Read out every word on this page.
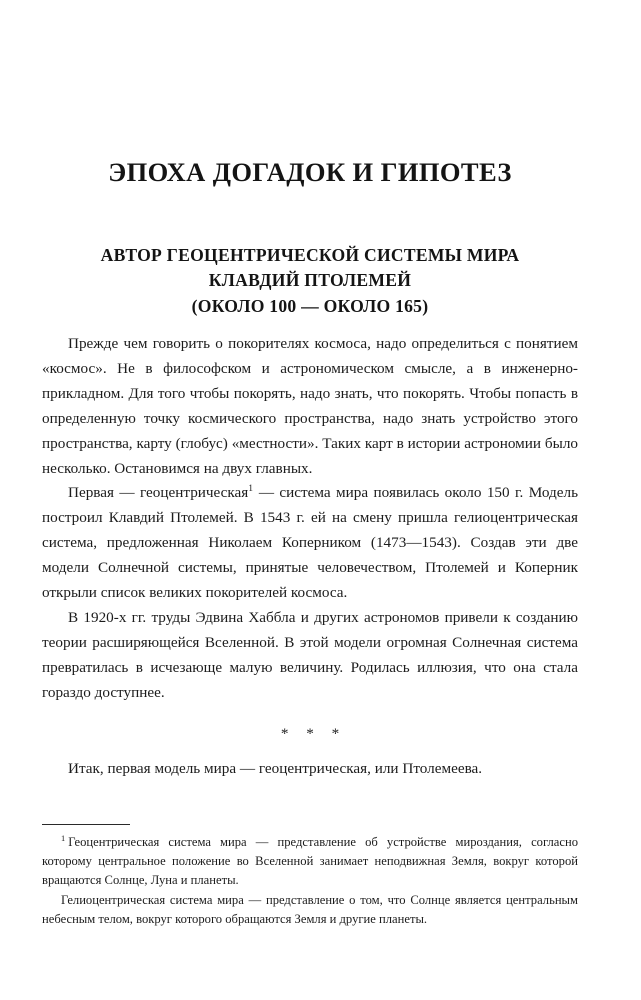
ЭПОХА ДОГАДОК И ГИПОТЕЗ
АВТОР ГЕОЦЕНТРИЧЕСКОЙ СИСТЕМЫ МИРА
КЛАВДИЙ ПТОЛЕМЕЙ
(ОКОЛО 100 — ОКОЛО 165)

Прежде чем говорить о покорителях космоса, надо определиться с понятием «космос». Не в философском и астрономическом смысле, а в инженерно-прикладном. Для того чтобы покорять, надо знать, что покорять. Чтобы попасть в определенную точку космического пространства, надо знать устройство этого пространства, карту (глобус) «местности». Таких карт в истории астрономии было несколько. Остановимся на двух главных.

Первая — геоцентрическая$^1$ — система мира появилась около 150 г. Модель построил Клавдий Птолемей. В 1543 г. ей на смену пришла гелиоцентрическая система, предложенная Николаем Коперником (1473—1543). Создав эти две модели Солнечной системы, принятые человечеством, Птолемей и Коперник открыли список великих покорителей космоса.

В 1920-х гг. труды Эдвина Хаббла и других астрономов привели к созданию теории расширяющейся Вселенной. В этой модели огромная Солнечная система превратилась в исчезающе малую величину. Родилась иллюзия, что она стала гораздо доступнее.

* * *

Итак, первая модель мира — геоцентрическая, или Птолемеева.

$^1$ Геоцентрическая система мира — представление об устройстве мироздания, согласно которому центральное положение во Вселенной занимает неподвижная Земля, вокруг которой вращаются Солнце, Луна и планеты.

Гелиоцентрическая система мира — представление о том, что Солнце является центральным небесным телом, вокруг которого обращаются Земля и другие планеты.
